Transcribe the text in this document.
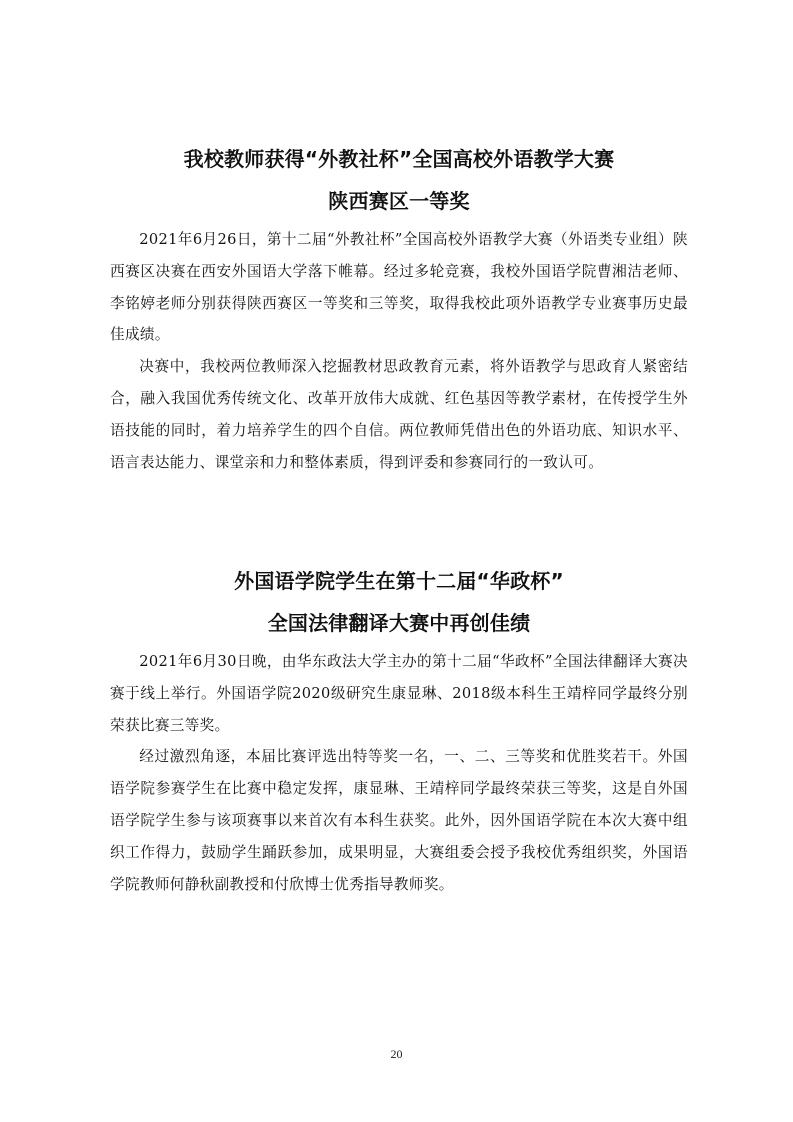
我校教师获得“外教社杯”全国高校外语教学大赛
陕西赛区一等奖

2021年6月26日，第十二届“外教社杯”全国高校外语教学大赛（外语类专业组）陕西赛区决赛在西安外国语大学落下帷幕。经过多轮竞赛，我校外国语学院曹湘洁老师、李铭婷老师分别获得陕西赛区一等奖和三等奖，取得我校此项外语教学专业赛事历史最佳成绩。

决赛中，我校两位教师深入挖掘教材思政教育元素，将外语教学与思政育人紧密结合，融入我国优秀传统文化、改革开放伟大成就、红色基因等教学素材，在传授学生外语技能的同时，着力培养学生的四个自信。两位教师凭借出色的外语功底、知识水平、语言表达能力、课堂亲和力和整体素质，得到评委和参赛同行的一致认可。

外国语学院学生在第十二届“华政杯”
全国法律翻译大赛中再创佳绩

2021年6月30日晚，由华东政法大学主办的第十二届“华政杯”全国法律翻译大赛决赛于线上举行。外国语学院2020级研究生康显琳、2018级本科生王靖梓同学最终分别荣获比赛三等奖。

经过激烈角逐，本届比赛评选出特等奖一名，一、二、三等奖和优胜奖若干。外国语学院参赛学生在比赛中稳定发挥，康显琳、王靖梓同学最终荣获三等奖，这是自外国语学院学生参与该项赛事以来首次有本科生获奖。此外，因外国语学院在本次大赛中组织工作得力，鼓励学生踊跃参加，成果明显，大赛组委会授予我校优秀组织奖，外国语学院教师何静秋副教授和付欣博士优秀指导教师奖。

20
